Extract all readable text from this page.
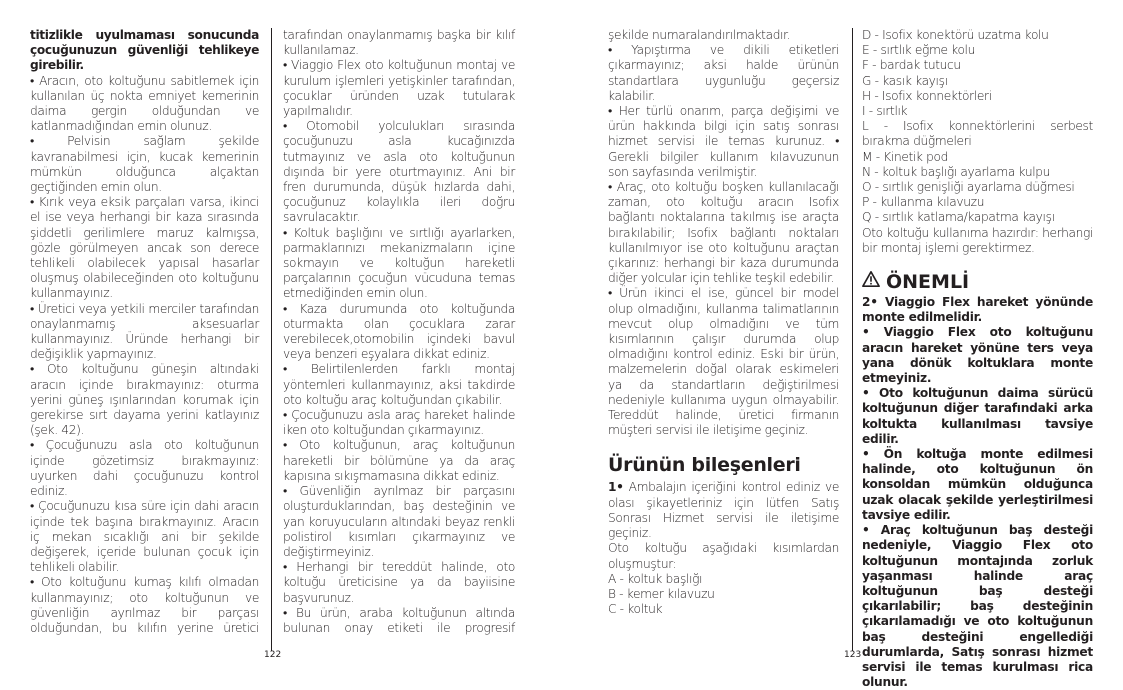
titizlikle uyulmaması sonucunda çocuğunuzun güvenliği tehlikeye girebilir.

• Aracın, oto koltuğunu sabitlemek için kullanılan üç nokta emniyet kemerinin daima gergin olduğundan ve katlanmadığından emin olunuz.

• Pelvisin sağlam şekilde kavranabilmesi için, kucak kemerinin mümkün olduğunca alçaktan geçtiğinden emin olun.

• Kırık veya eksik parçaları varsa, ikinci el ise veya herhangi bir kaza sırasında şiddetli gerilimlere maruz kalmışsa, gözle görülmeyen ancak son derece tehlikeli olabilecek yapısal hasarlar oluşmuş olabileceğinden oto koltuğunu kullanmayınız.

• Üretici veya yetkili merciler tarafından onaylanmamış aksesuarlar kullanmayınız. Üründe herhangi bir değişiklik yapmayınız.

• Oto koltuğunu güneşin altındaki aracın içinde bırakmayınız: oturma yerini güneş ışınlarından korumak için gerekirse sırt dayama yerini katlayınız (şek. 42).

• Çocuğunuzu asla oto koltuğunun içinde gözetimsiz bırakmayınız: uyurken dahi çocuğunuzu kontrol ediniz.

• Çocuğunuzu kısa süre için dahi aracın içinde tek başına bırakmayınız. Aracın iç mekan sıcaklığı ani bir şekilde değişerek, içeride bulunan çocuk için tehlikeli olabilir.

• Oto koltuğunu kumaş kılıfı olmadan kullanmayınız; oto koltuğunun ve güvenliğin ayrılmaz bir parçası olduğundan, bu kılıfın yerine üretici

tarafından onaylanmamış başka bir kılıf kullanılamaz.

• Viaggio Flex oto koltuğunun montaj ve kurulum işlemleri yetişkinler tarafından, çocuklar üründen uzak tutularak yapılmalıdır.

• Otomobil yolculukları sırasında çocuğunuzu asla kucağınızda tutmayınız ve asla oto koltuğunun dışında bir yere oturtmayınız. Ani bir fren durumunda, düşük hızlarda dahi, çocuğunuz kolaylıkla ileri doğru savrulacaktır.

• Koltuk başlığını ve sırtlığı ayarlarken, parmaklarınızı mekanizmaların içine sokmayın ve koltuğun hareketli parçalarının çocuğun vücuduna temas etmediğinden emin olun.

• Kaza durumunda oto koltuğunda oturmakta olan çocuklara zarar verebilecek,otomobilin içindeki bavul veya benzeri eşyalara dikkat ediniz.

• Belirtilenlerden farklı montaj yöntemleri kullanmayınız, aksi takdirde oto koltuğu araç koltuğundan çıkabilir.

• Çocuğunuzu asla araç hareket halinde iken oto koltuğundan çıkarmayınız.

• Oto koltuğunun, araç koltuğunun hareketli bir bölümüne ya da araç kapısına sıkışmamasına dikkat ediniz.

• Güvenliğin ayrılmaz bir parçasını oluşturduklarından, baş desteğinin ve yan koruyucuların altındaki beyaz renkli polistirol kısımları çıkarmayınız ve değiştirmeyiniz.

• Herhangi bir tereddüt halinde, oto koltuğu üreticisine ya da bayiisine başvurunuz.

• Bu ürün, araba koltuğunun altında bulunan onay etiketi ile progresif

122

şekilde numaralandırılmaktadır.

• Yapıştırma ve dikili etiketleri çıkarmayınız; aksi halde ürünün standartlara uygunluğu geçersiz kalabilir.

• Her türlü onarım, parça değişimi ve ürün hakkında bilgi için satış sonrası hizmet servisi ile temas kurunuz. • Gerekli bilgiler kullanım kılavuzunun son sayfasında verilmiştir.

• Araç, oto koltuğu boşken kullanılacağı zaman, oto koltuğu aracın Isofix bağlantı noktalarına takılmış ise araçta bırakılabilir; Isofix bağlantı noktaları kullanılmıyor ise oto koltuğunu araçtan çıkarınız: herhangi bir kaza durumunda diğer yolcular için tehlike teşkil edebilir.

• Ürün ikinci el ise, güncel bir model olup olmadığını, kullanma talimatlarının mevcut olup olmadığını ve tüm kısımlarının çalışır durumda olup olmadığını kontrol ediniz. Eski bir ürün, malzemelerin doğal olarak eskimeleri ya da standartların değiştirilmesi nedeniyle kullanıma uygun olmayabilir. Tereddüt halinde, üretici firmanın müşteri servisi ile iletişime geçiniz.

Ürünün bileşenleri

1• Ambalajın içeriğini kontrol ediniz ve olası şikayetleriniz için lütfen Satış Sonrası Hizmet servisi ile iletişime geçiniz.

Oto koltuğu aşağıdaki kısımlardan oluşmuştur:

A - koltuk başlığı

B - kemer kılavuzu

C - koltuk

D - Isofix konektörü uzatma kolu

E - sırtlık eğme kolu

F - bardak tutucu

G - kasık kayışı

H - Isofix konnektörleri

I - sırtlık

L - Isofix konnektörlerini serbest bırakma düğmeleri

M - Kinetik pod

N - koltuk başlığı ayarlama kulpu

O - sırtlık genişliği ayarlama düğmesi

P - kullanma kılavuzu

Q - sırtlık katlama/kapatma kayışı

Oto koltuğu kullanıma hazırdır: herhangi bir montaj işlemi gerektirmez.

ÖNEMLİ

2• Viaggio Flex hareket yönünde monte edilmelidir.

• Viaggio Flex oto koltuğunu aracın hareket yönüne ters veya yana dönük koltuklara monte etmeyiniz.

• Oto koltuğunun daima sürücü koltuğunun diğer tarafındaki arka koltukta kullanılması tavsiye edilir.

• Ön koltuğa monte edilmesi halinde, oto koltuğunun ön konsoldan mümkün olduğunca uzak olacak şekilde yerleştirilmesi tavsiye edilir.

• Araç koltuğunun baş desteği nedeniyle, Viaggio Flex oto koltuğunun montajında zorluk yaşanması halinde araç koltuğunun baş desteği çıkarılabilir; baş desteğinin çıkarılamadığı ve oto koltuğunun baş desteğini engellediği durumlarda, Satış sonrası hizmet servisi ile temas kurulması rica olunur.

123
